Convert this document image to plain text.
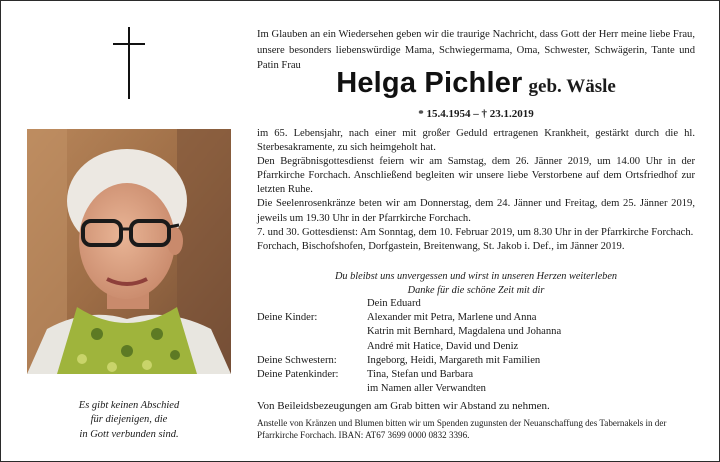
Es gibt keinen Abschied
für diejenigen, die
in Gott verbunden sind.
Im Glauben an ein Wiedersehen geben wir die traurige Nachricht, dass Gott der Herr meine liebe Frau, unsere besonders liebenswürdige Mama, Schwiegermama, Oma, Schwester, Schwägerin, Tante und Patin Frau
Helga Pichler geb. Wäsle
* 15.4.1954 – † 23.1.2019

im 65. Lebensjahr, nach einer mit großer Geduld ertragenen Krankheit, gestärkt durch die hl. Sterbesakramente, zu sich heimgeholt hat.

Den Begräbnisgottesdienst feiern wir am Samstag, dem 26. Jänner 2019, um 14.00 Uhr in der Pfarrkirche Forchach. Anschließend begleiten wir unsere liebe Verstorbene auf dem Ortsfriedhof zur letzten Ruhe.

Die Seelenrosenkränze beten wir am Donnerstag, dem 24. Jänner und Freitag, dem 25. Jänner 2019, jeweils um 19.30 Uhr in der Pfarrkirche Forchach.

7. und 30. Gottesdienst: Am Sonntag, dem 10. Februar 2019, um 8.30 Uhr in der Pfarrkirche Forchach.

Forchach, Bischofshofen, Dorfgastein, Breitenwang, St. Jakob i. Def., im Jänner 2019.

Du bleibst uns unvergessen und wirst in unseren Herzen weiterleben
Danke für die schöne Zeit mit dir
Dein Eduard
Deine Kinder:	Alexander mit Petra, Marlene und Anna
Katrin mit Bernhard, Magdalena und Johanna
André mit Hatice, David und Deniz
Deine Schwestern:	Ingeborg, Heidi, Margareth mit Familien
Deine Patenkinder:	Tina, Stefan und Barbara
im Namen aller Verwandten
Von Beileidsbezeugungen am Grab bitten wir Abstand zu nehmen.
Anstelle von Kränzen und Blumen bitten wir um Spenden zugunsten der Neuanschaffung des Tabernakels in der Pfarrkirche Forchach. IBAN: AT67 3699 0000 0832 3396.
